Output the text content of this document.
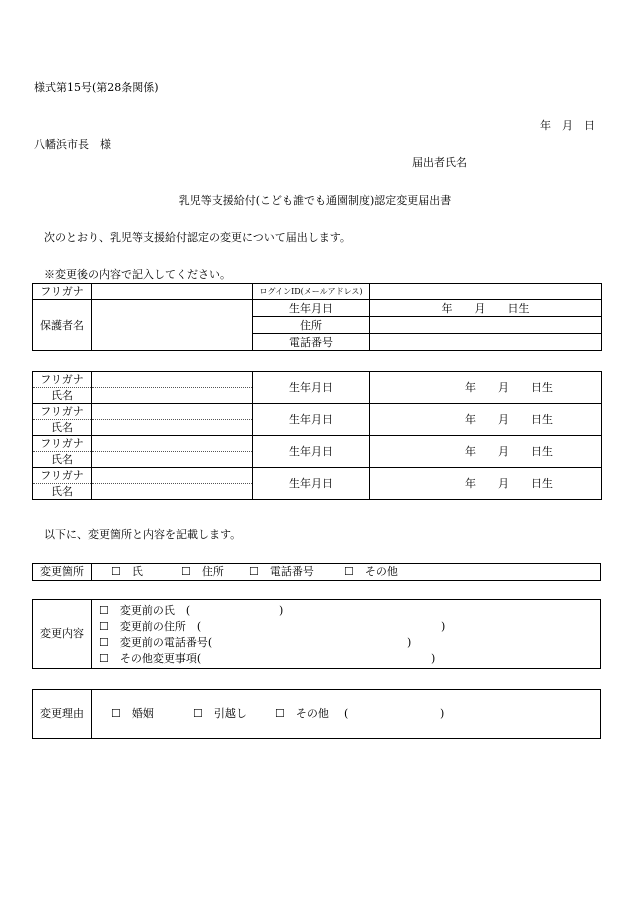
様式第15号(第28条関係)
年　月　日
八幡浜市長　様
届出者氏名
乳児等支援給付(こども誰でも通園制度)認定変更届出書
次のとおり、乳児等支援給付認定の変更について届出します。
※変更後の内容で記入してください。
フリガナ		ログインID(メールアドレス)	
保護者名		生年月日	年　　月　　日生
		住所	
		電話番号	
フリガナ		生年月日	年　　月　　日生
氏名			
フリガナ		生年月日	年　　月　　日生
氏名			
フリガナ		生年月日	年　　月　　日生
氏名			
フリガナ		生年月日	年　　月　　日生
氏名			
以下に、変更箇所と内容を記載します。
変更箇所	☐　 氏	☐　 住所 ☐　 電話番号	☐　 その他
変更内容
☐　 変更前の氏　(	)
☐　 変更前の住所　(	)
☐　 変更前の電話番号(	)
☐　 その他変更事項(	)
変更理由	☐　 婚姻	☐　 引越し	☐　 その他 (	)
